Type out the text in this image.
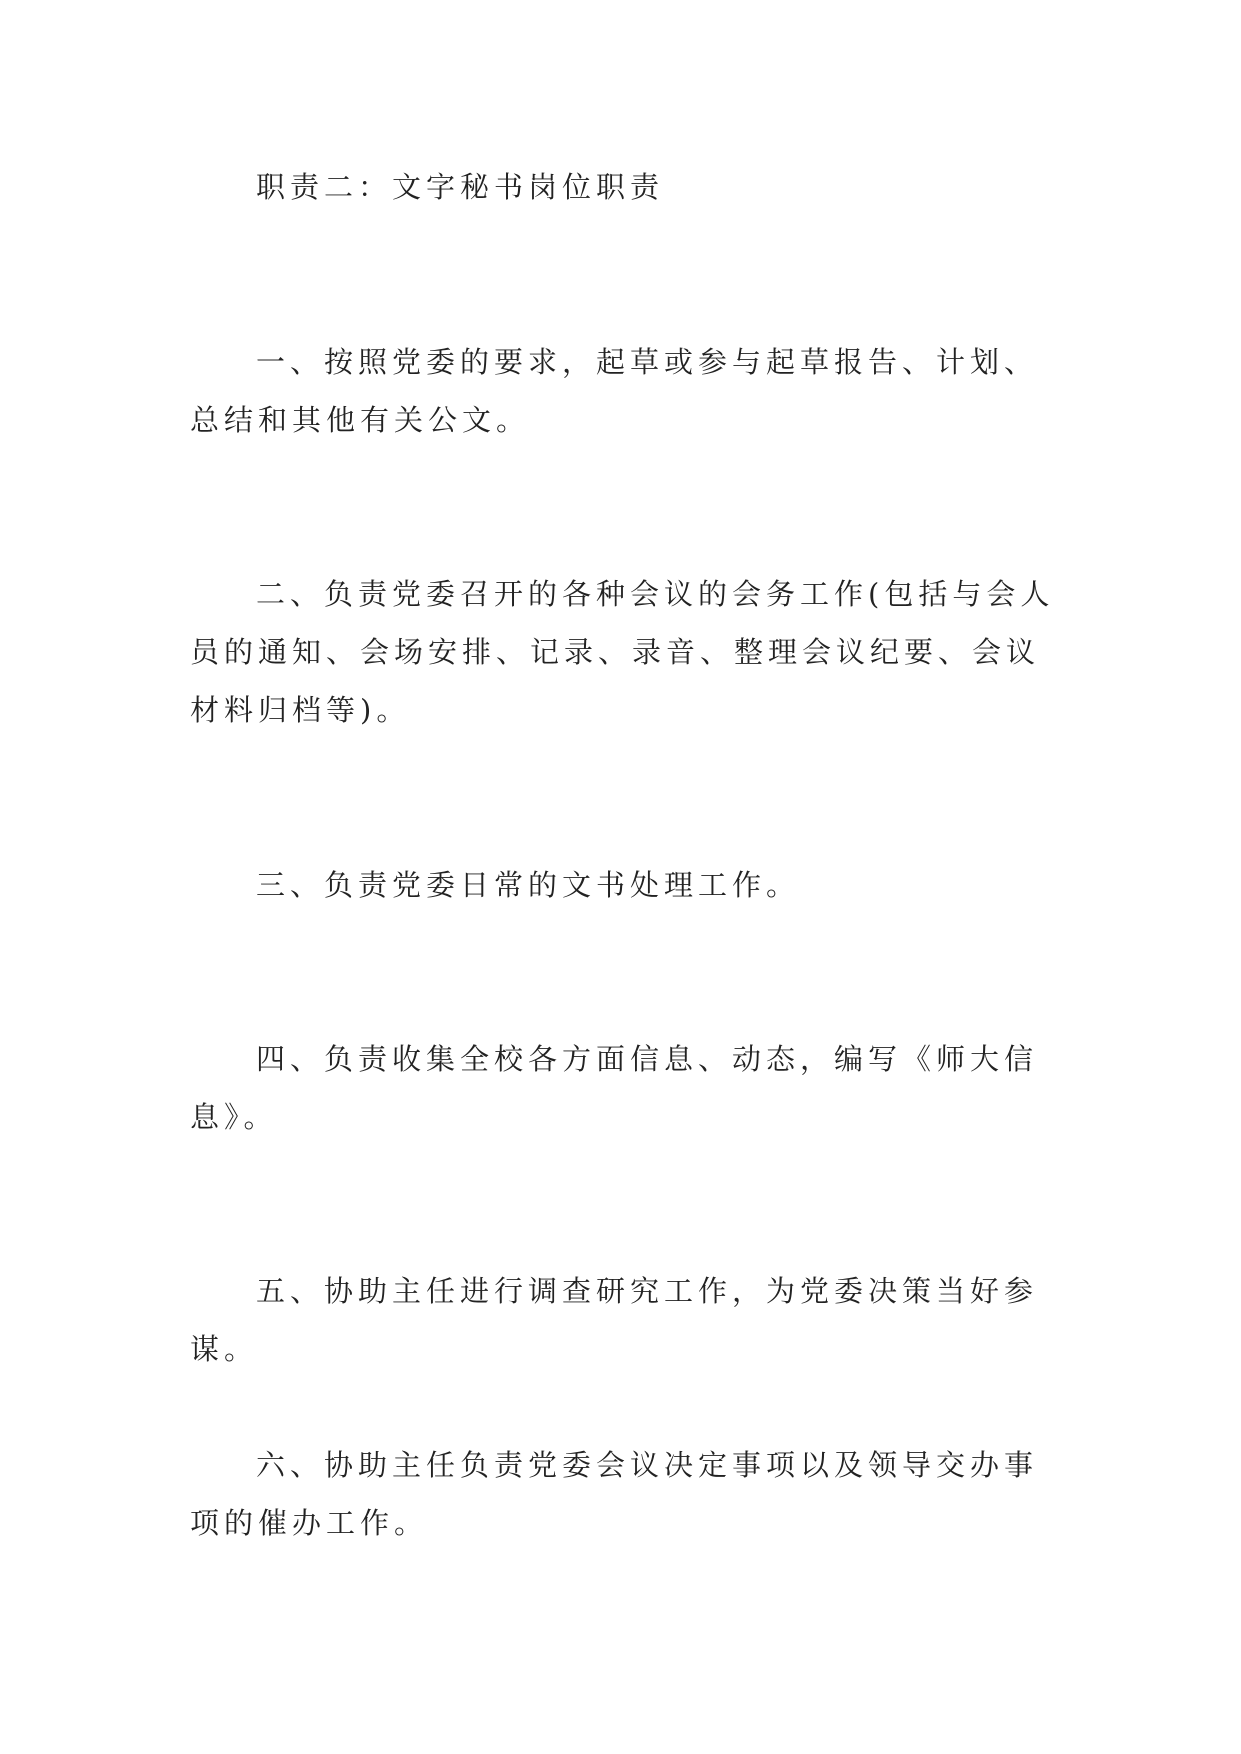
职责二：文字秘书岗位职责

一、按照党委的要求，起草或参与起草报告、计划、总结和其他有关公文。

二、负责党委召开的各种会议的会务工作(包括与会人员的通知、会场安排、记录、录音、整理会议纪要、会议材料归档等)。

三、负责党委日常的文书处理工作。

四、负责收集全校各方面信息、动态，编写《师大信息》。

五、协助主任进行调查研究工作，为党委决策当好参谋。

六、协助主任负责党委会议决定事项以及领导交办事项的催办工作。
